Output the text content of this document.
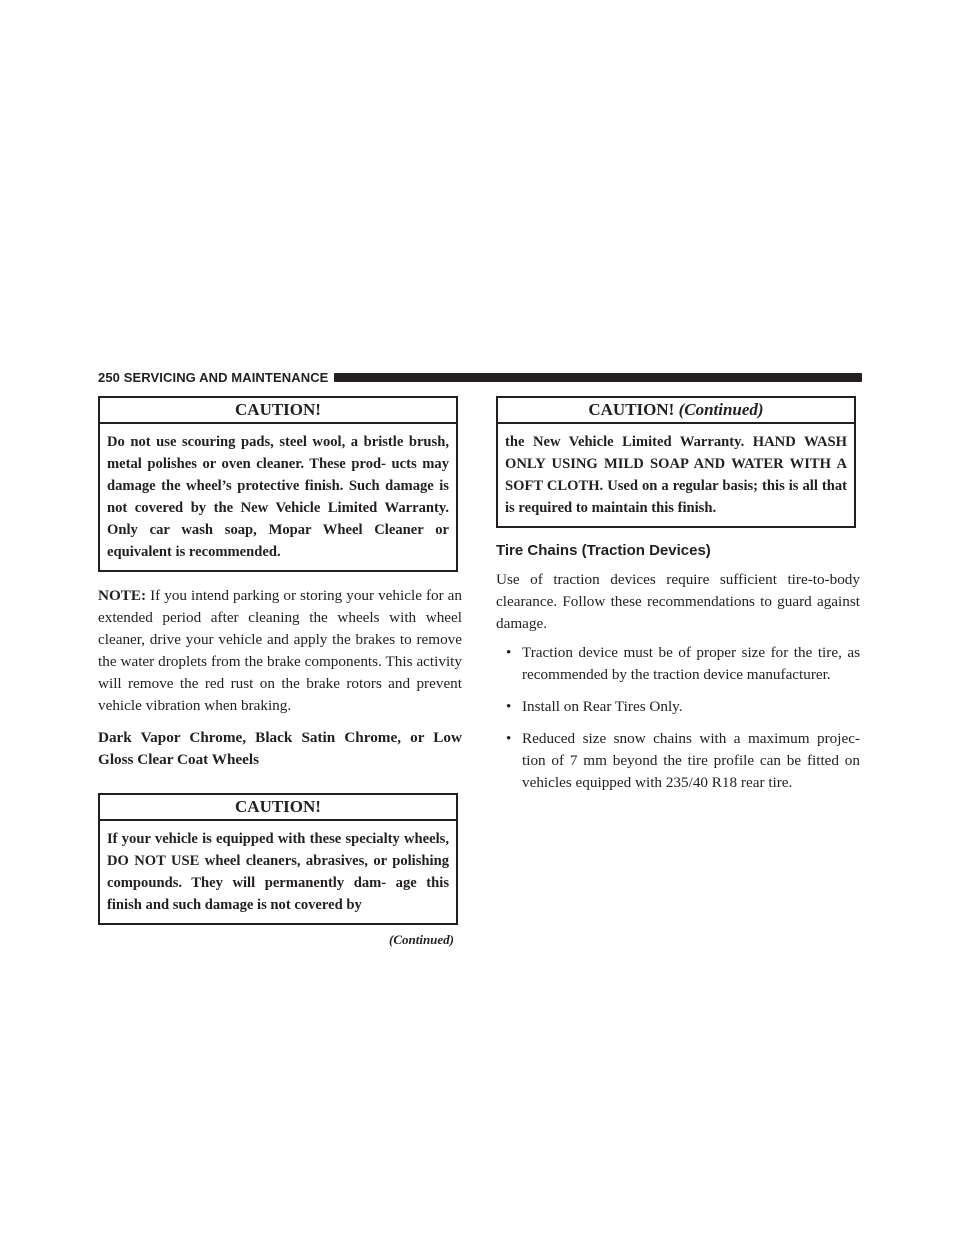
250 SERVICING AND MAINTENANCE
CAUTION!
Do not use scouring pads, steel wool, a bristle brush, metal polishes or oven cleaner. These prod- ucts may damage the wheel’s protective finish. Such damage is not covered by the New Vehicle Limited Warranty. Only car wash soap, Mopar Wheel Cleaner or equivalent is recommended.

NOTE: If you intend parking or storing your vehicle for an extended period after cleaning the wheels with wheel cleaner, drive your vehicle and apply the brakes to remove the water droplets from the brake components. This activity will remove the red rust on the brake rotors and prevent vehicle vibration when braking.

Dark Vapor Chrome, Black Satin Chrome, or Low Gloss Clear Coat Wheels

CAUTION!
If your vehicle is equipped with these specialty wheels, DO NOT USE wheel cleaners, abrasives, or polishing compounds. They will permanently dam- age this finish and such damage is not covered by
(Continued)
CAUTION! (Continued)
the New Vehicle Limited Warranty. HAND WASH ONLY USING MILD SOAP AND WATER WITH A SOFT CLOTH. Used on a regular basis; this is all that is required to maintain this finish.
Tire Chains (Traction Devices)

Use of traction devices require sufficient tire-to-body clearance. Follow these recommendations to guard against damage.

• Traction device must be of proper size for the tire, as recommended by the traction device manufacturer.
• Install on Rear Tires Only.
• Reduced size snow chains with a maximum projec- tion of 7 mm beyond the tire profile can be fitted on vehicles equipped with 235/40 R18 rear tire.
